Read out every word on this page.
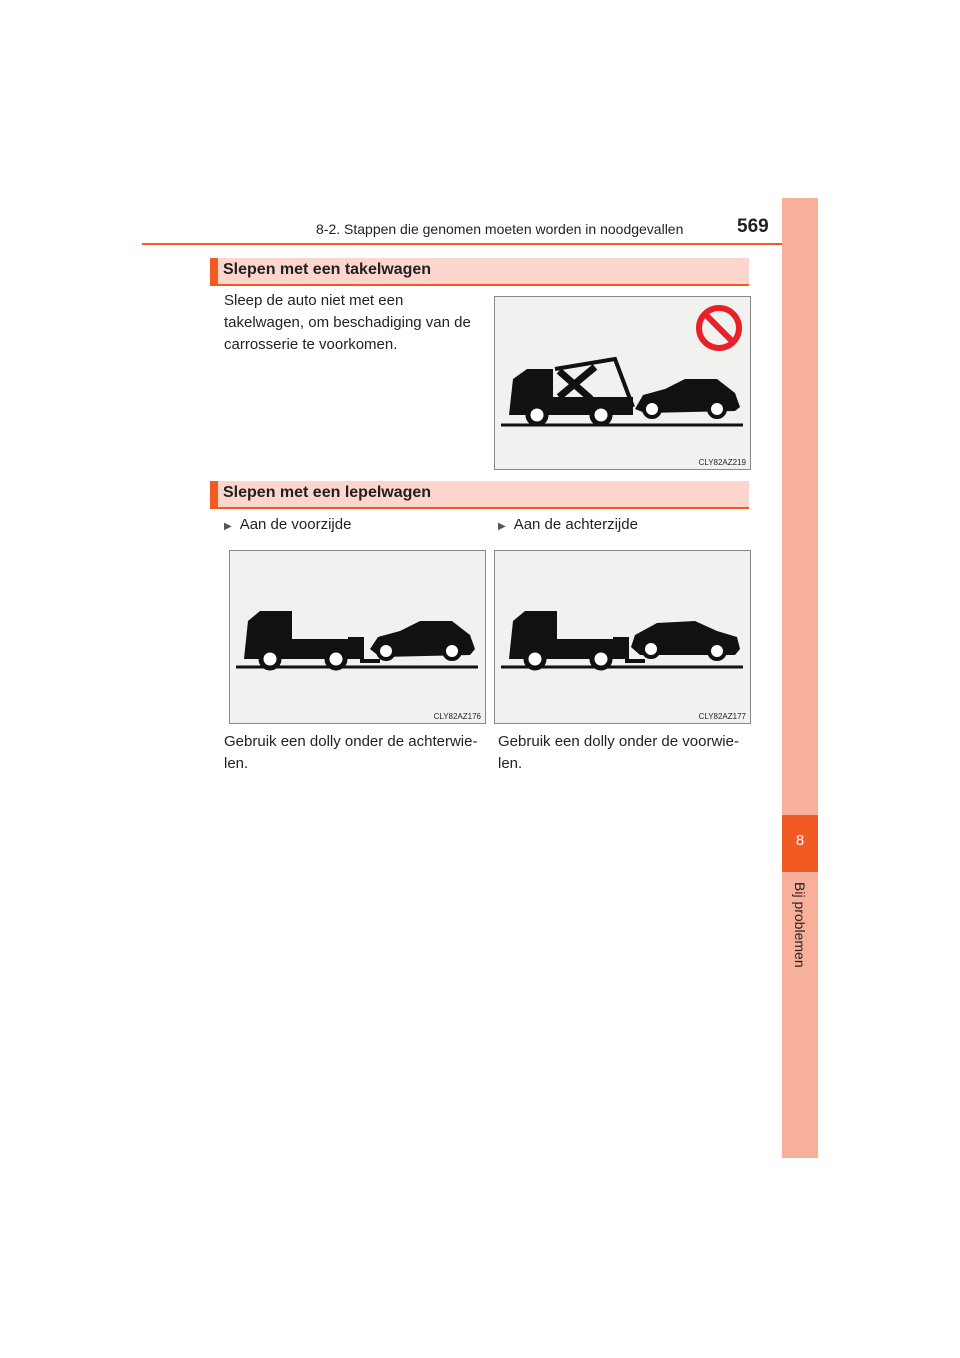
8-2. Stappen die genomen moeten worden in noodgevallen	569
8
Bij problemen
Slepen met een takelwagen
Sleep de auto niet met een takelwagen, om beschadiging van de carrosserie te voorkomen.
CLY82AZ219
Slepen met een lepelwagen
▶ Aan de voorzijde	▶ Aan de achterzijde
CLY82AZ176	CLY82AZ177
Gebruik een dolly onder de achterwie-len.
Gebruik een dolly onder de voorwie-len.
